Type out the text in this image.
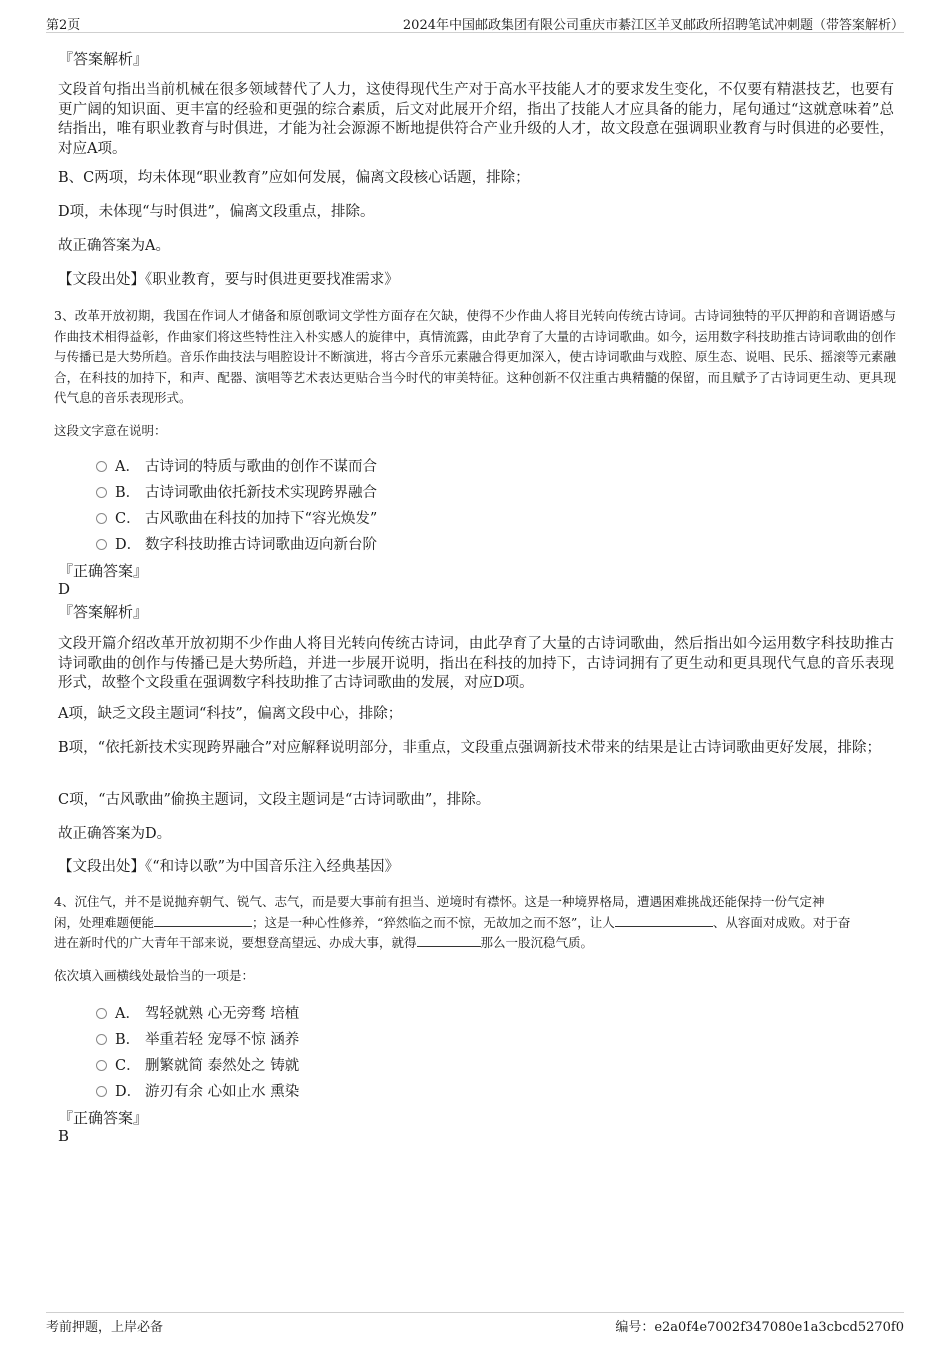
第2页	2024年中国邮政集团有限公司重庆市綦江区羊叉邮政所招聘笔试冲刺题（带答案解析）
『答案解析』
文段首句指出当前机械在很多领域替代了人力，这使得现代生产对于高水平技能人才的要求发生变化，不仅要有精湛技艺，也要有更广阔的知识面、更丰富的经验和更强的综合素质，后文对此展开介绍，指出了技能人才应具备的能力，尾句通过“这就意味着”总结指出，唯有职业教育与时俱进，才能为社会源源不断地提供符合产业升级的人才，故文段意在强调职业教育与时俱进的必要性，对应A项。
B、C两项，均未体现“职业教育”应如何发展，偏离文段核心话题，排除；
D项，未体现“与时俱进”，偏离文段重点，排除。
故正确答案为A。
【文段出处】《职业教育，要与时俱进更要找准需求》
3、改革开放初期，我国在作词人才储备和原创歌词文学性方面存在欠缺，使得不少作曲人将目光转向传统古诗词。古诗词独特的平仄押韵和音调语感与作曲技术相得益彰，作曲家们将这些特性注入朴实感人的旋律中，真情流露，由此孕育了大量的古诗词歌曲。如今，运用数字科技助推古诗词歌曲的创作与传播已是大势所趋。音乐作曲技法与唱腔设计不断演进，将古今音乐元素融合得更加深入，使古诗词歌曲与戏腔、原生态、说唱、民乐、摇滚等元素融合，在科技的加持下，和声、配器、演唱等艺术表达更贴合当今时代的审美特征。这种创新不仅注重古典精髓的保留，而且赋予了古诗词更生动、更具现代气息的音乐表现形式。
这段文字意在说明：
A． 古诗词的特质与歌曲的创作不谋而合
B． 古诗词歌曲依托新技术实现跨界融合
C． 古风歌曲在科技的加持下“容光焕发”
D． 数字科技助推古诗词歌曲迈向新台阶
『正确答案』
D
『答案解析』
文段开篇介绍改革开放初期不少作曲人将目光转向传统古诗词，由此孕育了大量的古诗词歌曲，然后指出如今运用数字科技助推古诗词歌曲的创作与传播已是大势所趋，并进一步展开说明，指出在科技的加持下，古诗词拥有了更生动和更具现代气息的音乐表现形式，故整个文段重在强调数字科技助推了古诗词歌曲的发展，对应D项。
A项，缺乏文段主题词“科技”，偏离文段中心，排除；
B项，“依托新技术实现跨界融合”对应解释说明部分，非重点，文段重点强调新技术带来的结果是让古诗词歌曲更好发展，排除；
C项，“古风歌曲”偷换主题词，文段主题词是“古诗词歌曲”，排除。
故正确答案为D。
【文段出处】《“和诗以歌”为中国音乐注入经典基因》
4、沉住气，并不是说抛弃朝气、锐气、志气，而是要大事前有担当、逆境时有襟怀。这是一种境界格局，遭遇困难挑战还能保持一份气定神
闲，处理难题便能	；这是一种心性修养，“猝然临之而不惊，无故加之而不怒”，让人	、从容面对成败。对于奋
进在新时代的广大青年干部来说，要想登高望远、办成大事，就得	那么一股沉稳气质。
依次填入画横线处最恰当的一项是：
A． 驾轻就熟 心无旁骛 培植
B． 举重若轻 宠辱不惊 涵养
C． 删繁就简 泰然处之 铸就
D． 游刃有余 心如止水 熏染
『正确答案』
B
考前押题，上岸必备	编号：e2a0f4e7002f347080e1a3cbcd5270f0
